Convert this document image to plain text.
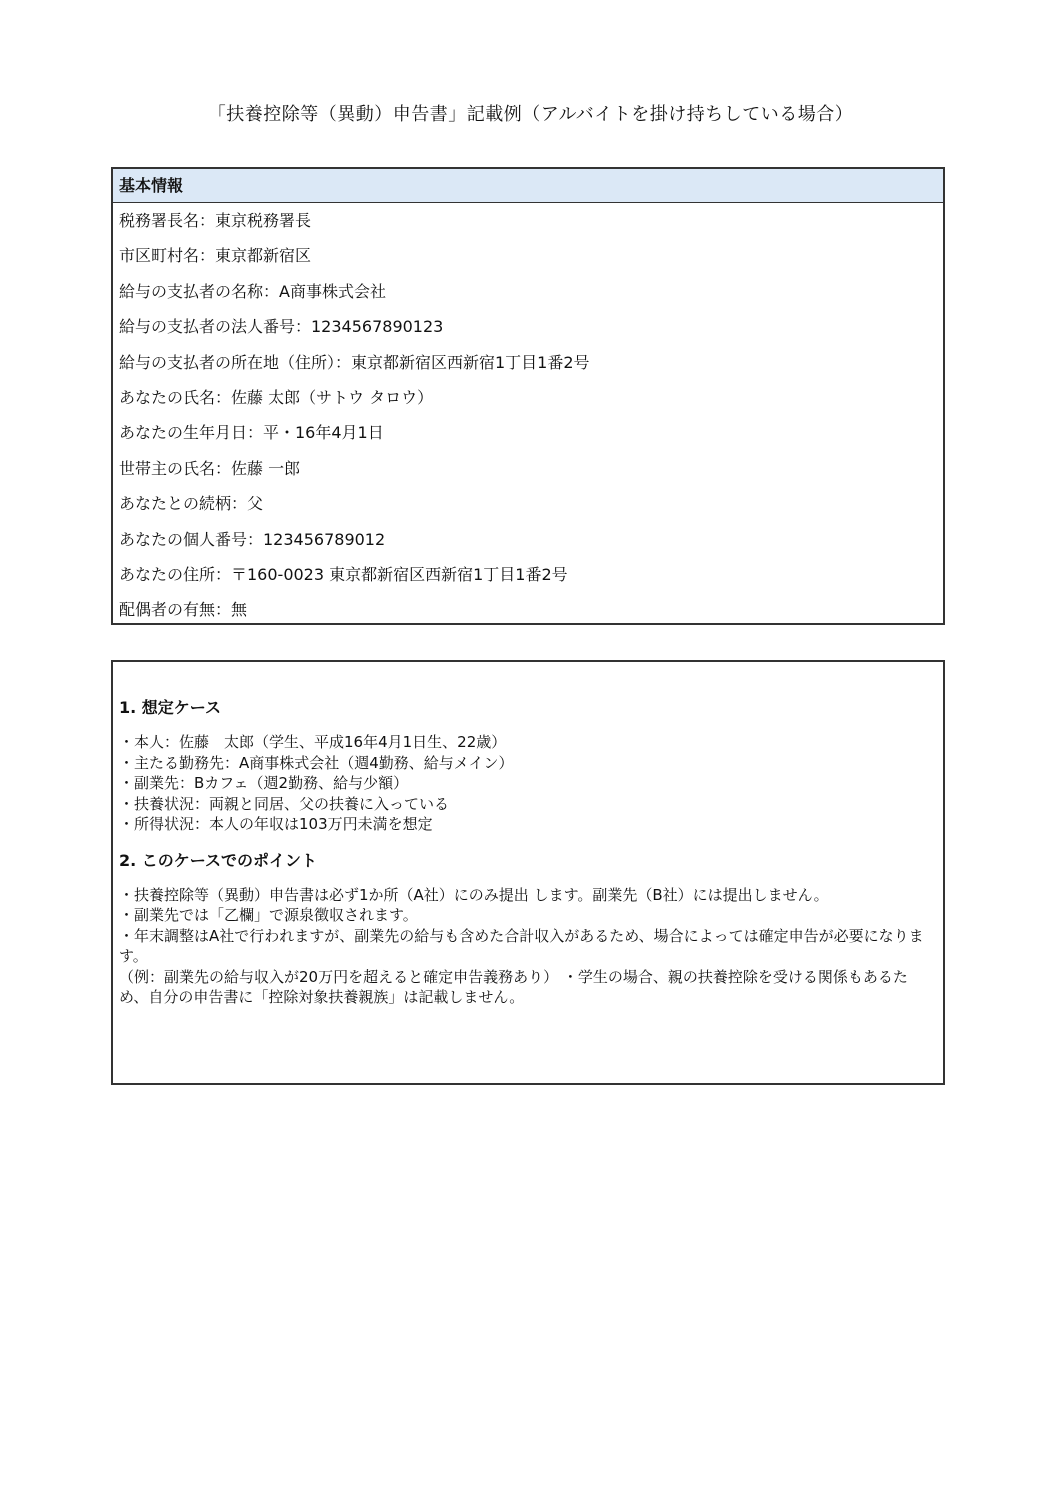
「扶養控除等（異動）申告書」記載例（アルバイトを掛け持ちしている場合）
基本情報
税務署長名：東京税務署長
市区町村名：東京都新宿区
給与の支払者の名称：A商事株式会社
給与の支払者の法人番号：1234567890123
給与の支払者の所在地（住所）：東京都新宿区西新宿1丁目1番2号
あなたの氏名：佐藤 太郎（サトウ タロウ）
あなたの生年月日：平・16年4月1日
世帯主の氏名：佐藤 一郎
あなたとの続柄：父
あなたの個人番号：123456789012
あなたの住所：〒160-0023 東京都新宿区西新宿1丁目1番2号
配偶者の有無：無

1. 想定ケース

・本人：佐藤　太郎（学生、平成16年4月1日生、22歳）
・主たる勤務先：A商事株式会社（週4勤務、給与メイン）
・副業先：Bカフェ（週2勤務、給与少額）
・扶養状況：両親と同居、父の扶養に入っている
・所得状況：本人の年収は103万円未満を想定

2. このケースでのポイント

・扶養控除等（異動）申告書は必ず1か所（A社）にのみ提出 します。副業先（B社）には提出しません。

・副業先では「乙欄」で源泉徴収されます。

・年末調整はA社で行われますが、副業先の給与も含めた合計収入があるため、場合によっては確定申告が必要になります。

（例：副業先の給与収入が20万円を超えると確定申告義務あり） ・学生の場合、親の扶養控除を受ける関係もあるため、自分の申告書に「控除対象扶養親族」は記載しません。
